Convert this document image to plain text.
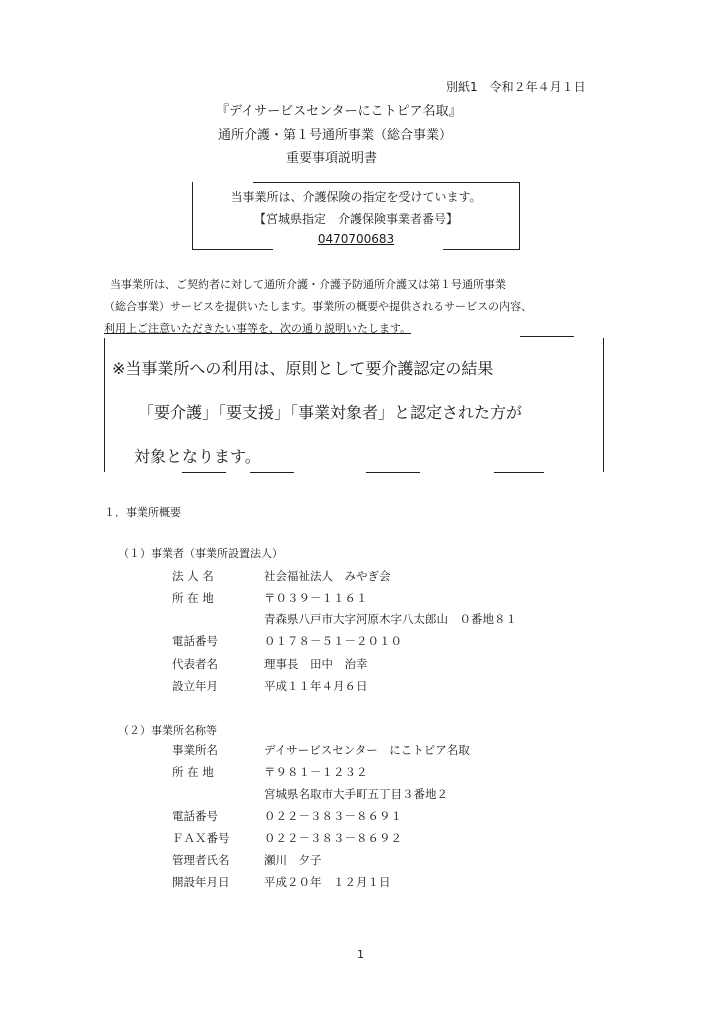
別紙1　令和２年４月１日
『デイサービスセンターにこトピア名取』
通所介護・第１号通所事業（総合事業）
重要事項説明書
当事業所は、介護保険の指定を受けています。
【宮城県指定　介護保険事業者番号】
0470700683
当事業所は、ご契約者に対して通所介護・介護予防通所介護又は第１号通所事業
（総合事業）サービスを提供いたします。事業所の概要や提供されるサービスの内容、
利用上ご注意いただきたい事等を、次の通り説明いたします。
※当事業所への利用は、原則として要介護認定の結果
「要介護」「要支援」「事業対象者」と認定された方が
対象となります。
１．事業所概要
（１）事業者（事業所設置法人）
法 人 名	社会福祉法人　みやぎ会
所 在 地	〒０３９－１１６１
青森県八戸市大字河原木字八太郎山　０番地８１
電話番号	０１７８－５１－２０１０
代表者名	理事長　田中　治幸
設立年月	平成１１年４月６日
（２）事業所名称等
事業所名	デイサービスセンター　にこトピア名取
所 在 地	〒９８１－１２３２
宮城県名取市大手町五丁目３番地２
電話番号	０２２－３８３－８６９１
ＦＡＸ番号	０２２－３８３－８６９２
管理者氏名	瀬川　夕子
開設年月日	平成２０年　１２月１日
1
